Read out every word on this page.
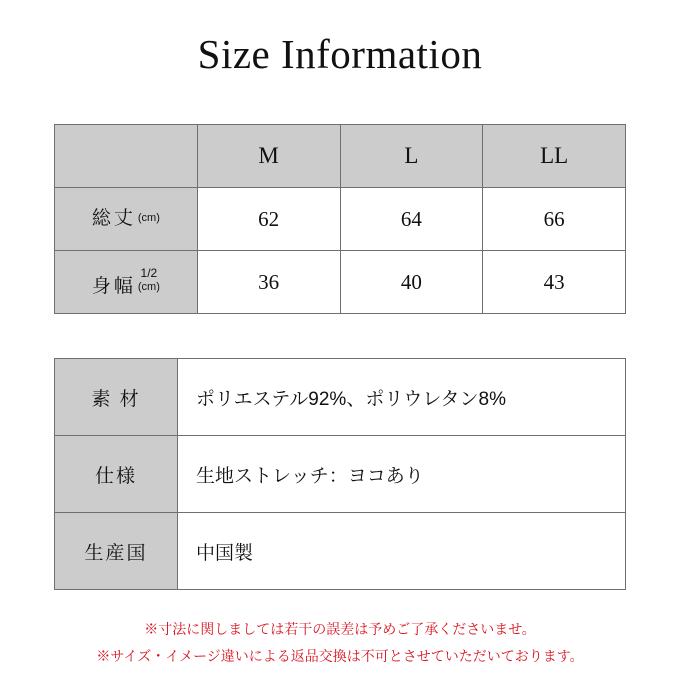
Size Information
	M	L	LL

総丈 (cm)	62	64	66

身幅
1/2
(cm)	36	40	43
素 材	ポリエステル92%、ポリウレタン8%
仕様	生地ストレッチ：ヨコあり
生産国	中国製
※寸法に関しましては若干の誤差は予めご了承くださいませ。
※サイズ・イメージ違いによる返品交換は不可とさせていただいております。
